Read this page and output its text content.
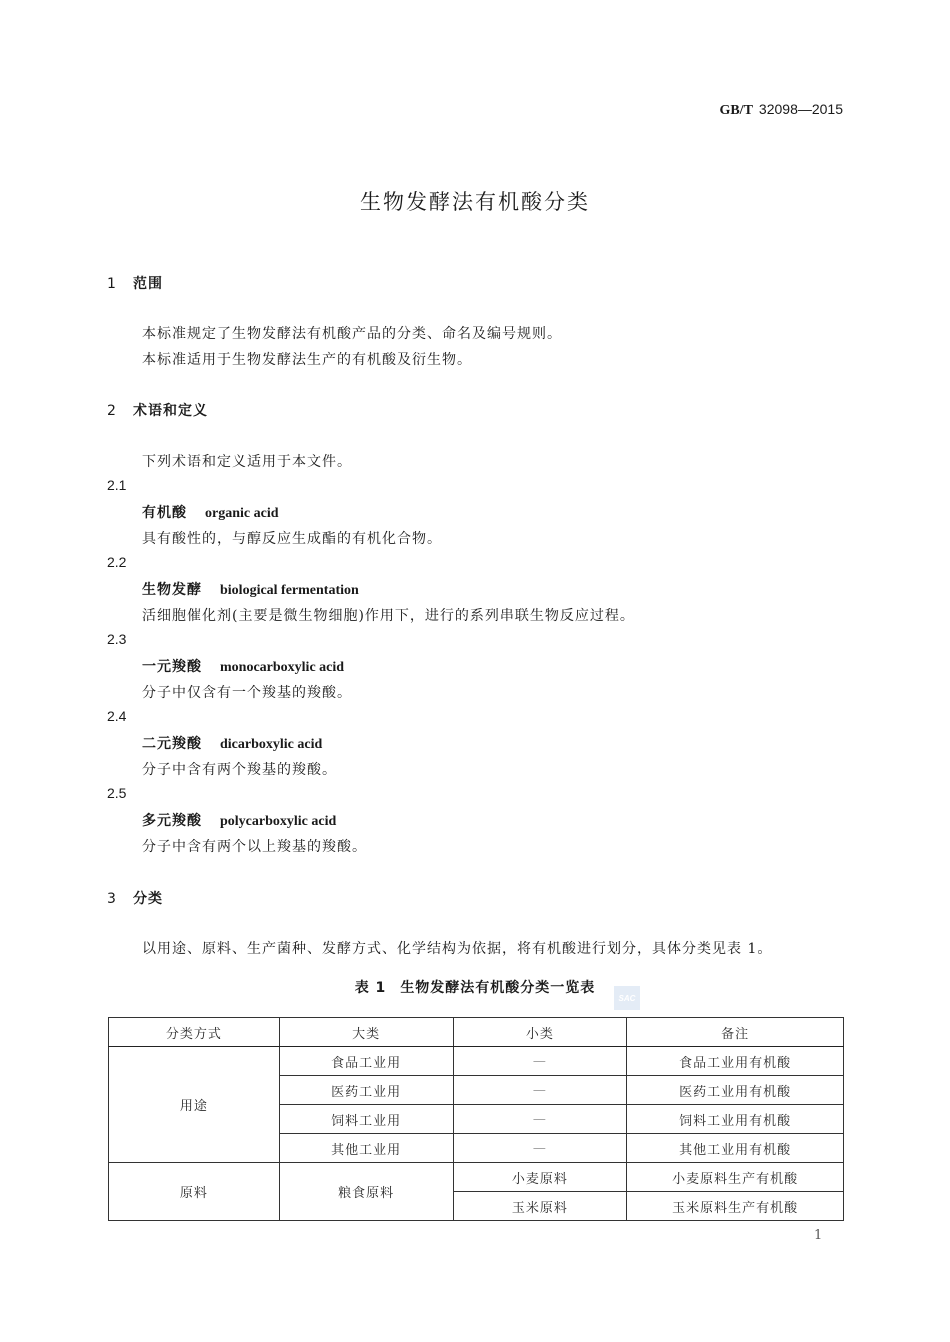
GB/T 32098—2015
生物发酵法有机酸分类
1 范围
本标准规定了生物发酵法有机酸产品的分类、命名及编号规则。
本标准适用于生物发酵法生产的有机酸及衍生物。
2 术语和定义
下列术语和定义适用于本文件。
2.1
有机酸 organic acid
具有酸性的，与醇反应生成酯的有机化合物。
2.2
生物发酵 biological fermentation
活细胞催化剂(主要是微生物细胞)作用下，进行的系列串联生物反应过程。
2.3
一元羧酸 monocarboxylic acid
分子中仅含有一个羧基的羧酸。
2.4
二元羧酸 dicarboxylic acid
分子中含有两个羧基的羧酸。
2.5
多元羧酸 polycarboxylic acid
分子中含有两个以上羧基的羧酸。
3 分类
以用途、原料、生产菌种、发酵方式、化学结构为依据，将有机酸进行划分，具体分类见表 1。
表 1 生物发酵法有机酸分类一览表
SAC
分类方式	大类	小类	备注
用途	食品工业用	—	食品工业用有机酸
	医药工业用	—	医药工业用有机酸
	饲料工业用	—	饲料工业用有机酸
	其他工业用	—	其他工业用有机酸
原料	粮食原料	小麦原料	小麦原料生产有机酸
		玉米原料	玉米原料生产有机酸
1
